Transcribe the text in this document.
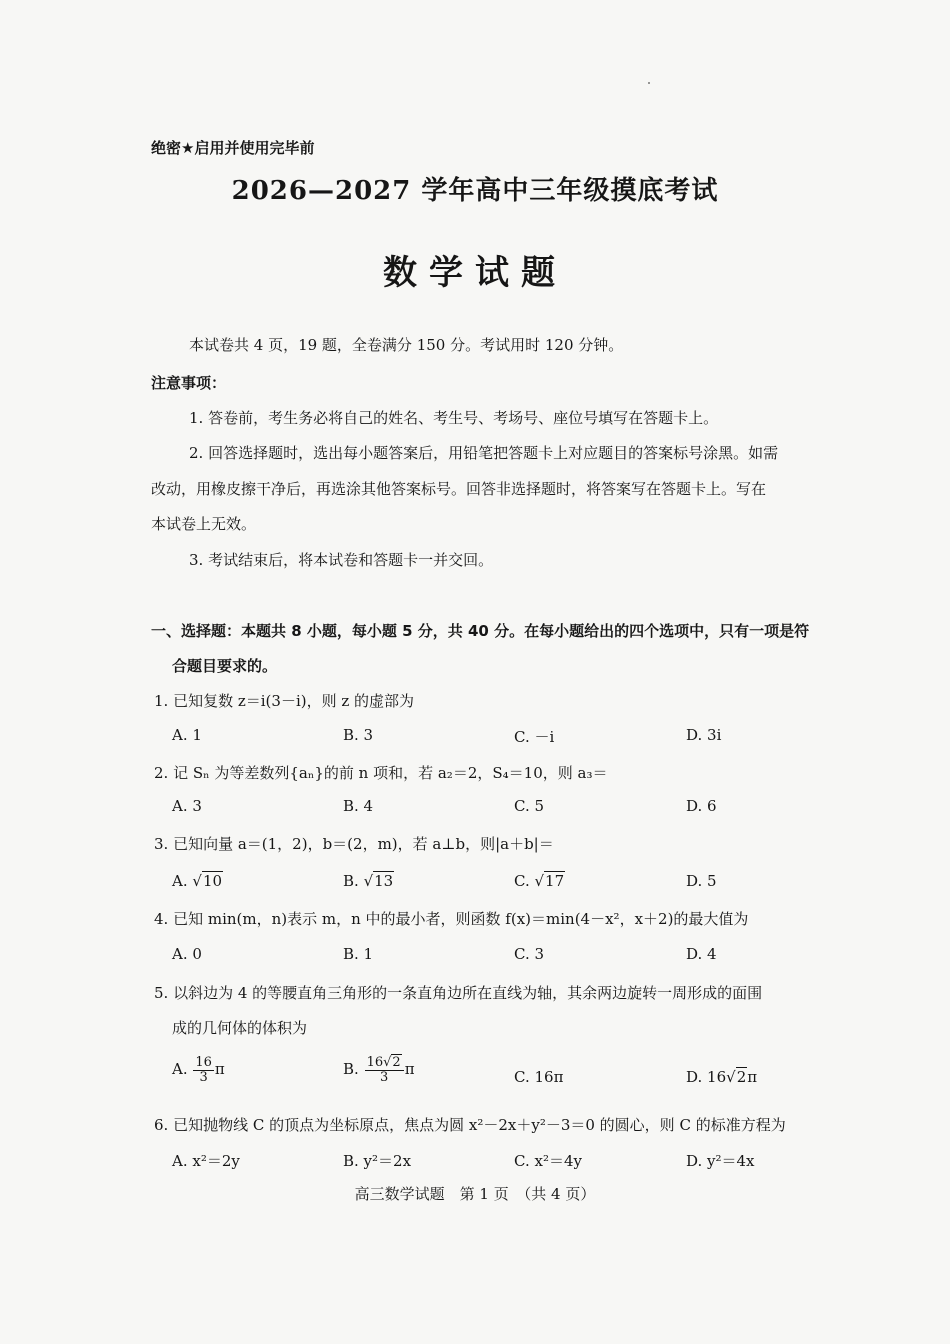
绝密★启用并使用完毕前
2026—2027 学年高中三年级摸底考试
数学试题
本试卷共 4 页，19 题，全卷满分 150 分。考试用时 120 分钟。
注意事项：
1. 答卷前，考生务必将自己的姓名、考生号、考场号、座位号填写在答题卡上。
2. 回答选择题时，选出每小题答案后，用铅笔把答题卡上对应题目的答案标号涂黑。如需
改动，用橡皮擦干净后，再选涂其他答案标号。回答非选择题时，将答案写在答题卡上。写在
本试卷上无效。
3. 考试结束后，将本试卷和答题卡一并交回。
一、选择题：本题共 8 小题，每小题 5 分，共 40 分。在每小题给出的四个选项中，只有一项是符
合题目要求的。
1. 已知复数 z＝i(3－i)，则 z 的虚部为
A. 1	B. 3	C. －i	D. 3i
2. 记 Sₙ 为等差数列{aₙ}的前 n 项和，若 a₂＝2，S₄＝10，则 a₃＝
A. 3	B. 4	C. 5	D. 6
3. 已知向量 a＝(1，2)，b＝(2，m)，若 a⊥b，则|a＋b|＝
A. √10	B. √13	C. √17	D. 5
4. 已知 min(m，n)表示 m，n 中的最小者，则函数 f(x)＝min(4－x²，x＋2)的最大值为
A. 0	B. 1	C. 3	D. 4
5. 以斜边为 4 的等腰直角三角形的一条直角边所在直线为轴，其余两边旋转一周形成的面围
成的几何体的体积为
A. $\frac{16}{3}$ π	B. $\frac{16√2}{3}$ π	C. 16π	D. 16√2π
6. 已知抛物线 C 的顶点为坐标原点，焦点为圆 x²－2x＋y²－3＝0 的圆心，则 C 的标准方程为
A. x²＝2y	B. y²＝2x	C. x²＝4y	D. y²＝4x
高三数学试题　第 1 页　（共 4 页）
